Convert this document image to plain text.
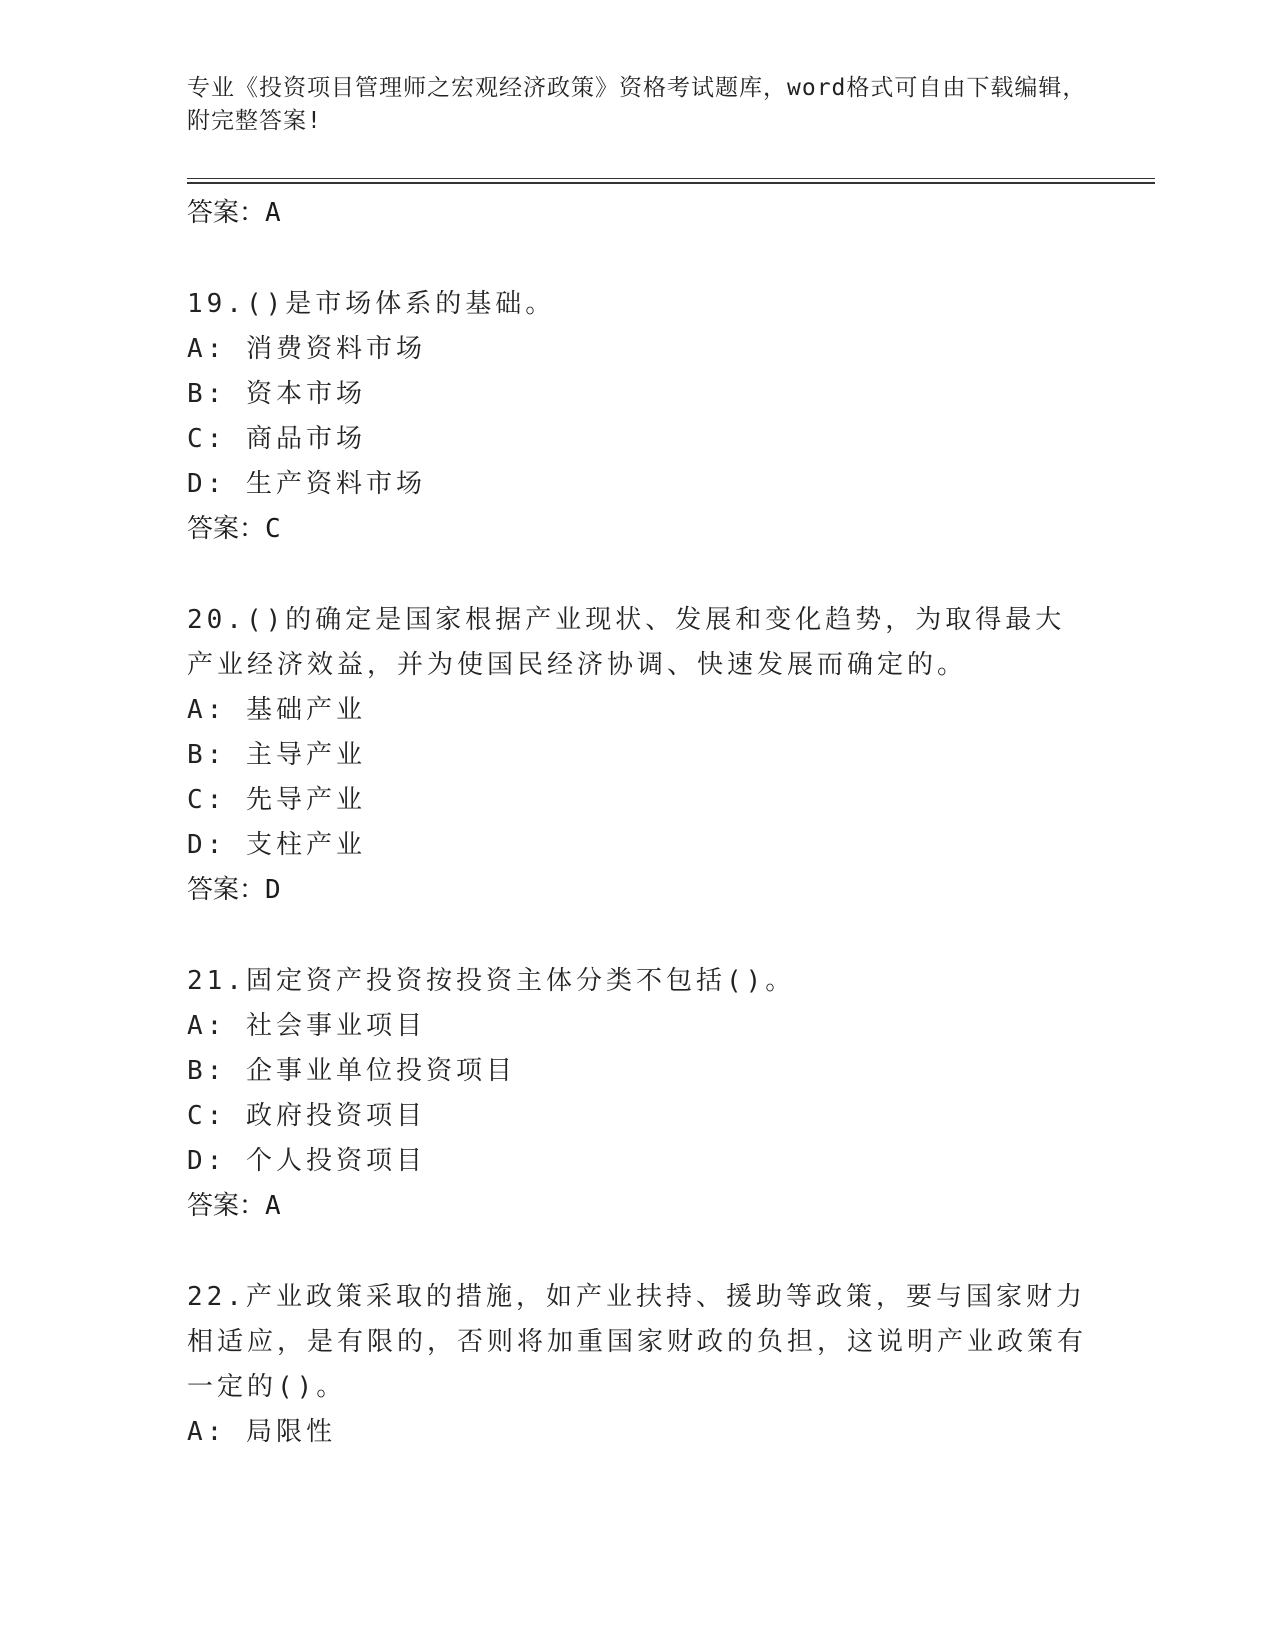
专业《投资项目管理师之宏观经济政策》资格考试题库，word格式可自由下载编辑，附完整答案!
答案：A
19.()是市场体系的基础。
A: 消费资料市场
B: 资本市场
C: 商品市场
D: 生产资料市场
答案：C
20.()的确定是国家根据产业现状、发展和变化趋势，为取得最大产业经济效益，并为使国民经济协调、快速发展而确定的。
A: 基础产业
B: 主导产业
C: 先导产业
D: 支柱产业
答案：D
21.固定资产投资按投资主体分类不包括()。
A: 社会事业项目
B: 企事业单位投资项目
C: 政府投资项目
D: 个人投资项目
答案：A
22.产业政策采取的措施，如产业扶持、援助等政策，要与国家财力相适应，是有限的，否则将加重国家财政的负担，这说明产业政策有一定的()。
A: 局限性
